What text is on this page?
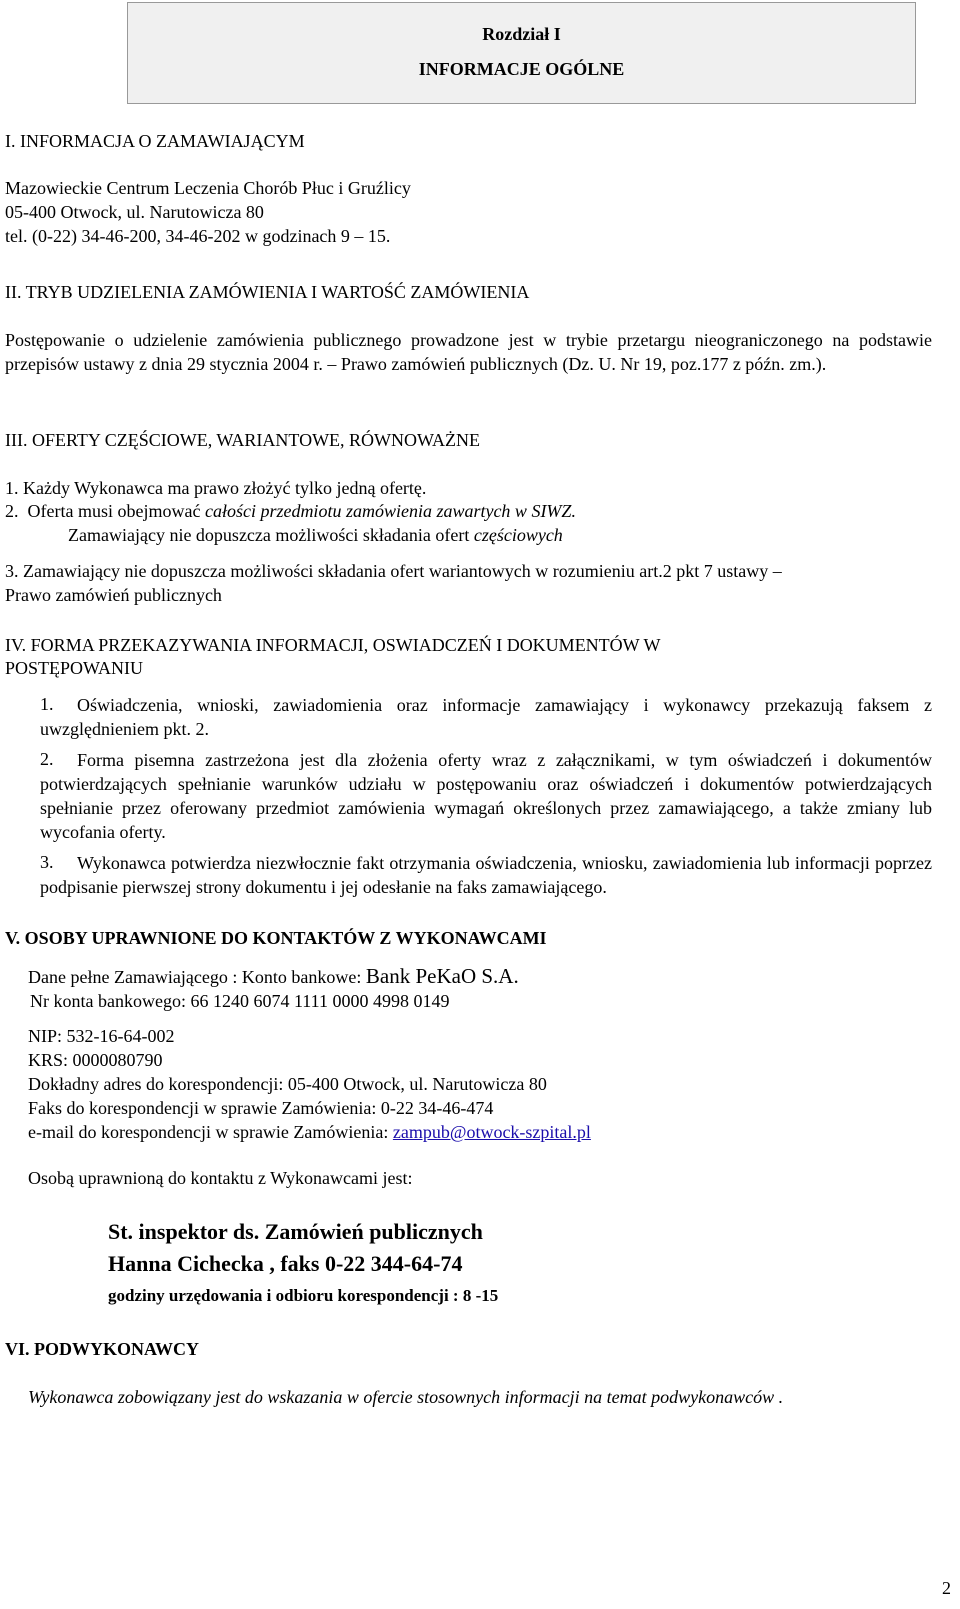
Rozdział I
INFORMACJE OGÓLNE
I. INFORMACJA O ZAMAWIAJĄCYM
Mazowieckie Centrum Leczenia Chorób Płuc i Gruźlicy
05-400 Otwock, ul. Narutowicza 80
tel. (0-22) 34-46-200, 34-46-202 w godzinach 9 – 15.
II. TRYB UDZIELENIA ZAMÓWIENIA I WARTOŚĆ ZAMÓWIENIA
Postępowanie o udzielenie zamówienia publicznego prowadzone jest w trybie przetargu nieograniczonego na podstawie przepisów ustawy z dnia 29 stycznia 2004 r. – Prawo zamówień publicznych (Dz. U. Nr 19, poz.177 z późn. zm.).
III. OFERTY CZĘŚCIOWE, WARIANTOWE, RÓWNOWAŻNE
1. Każdy Wykonawca ma prawo złożyć tylko jedną ofertę.
2. Oferta musi obejmować całości przedmiotu zamówienia zawartych w SIWZ.
Zamawiający nie dopuszcza możliwości składania ofert częściowych
3. Zamawiający nie dopuszcza możliwości składania ofert wariantowych w rozumieniu art.2 pkt 7 ustawy –
Prawo zamówień publicznych
IV. FORMA PRZEKAZYWANIA INFORMACJI, OSWIADCZEŃ I DOKUMENTÓW W
POSTĘPOWANIU
1.	Oświadczenia, wnioski, zawiadomienia oraz informacje zamawiający i wykonawcy przekazują faksem z uwzględnieniem pkt. 2.
2.	Forma pisemna zastrzeżona jest dla złożenia oferty wraz z załącznikami, w tym oświadczeń i dokumentów potwierdzających spełnianie warunków udziału w postępowaniu oraz oświadczeń i dokumentów potwierdzających spełnianie przez oferowany przedmiot zamówienia wymagań określonych przez zamawiającego, a także zmiany lub wycofania oferty.
3.	Wykonawca potwierdza niezwłocznie fakt otrzymania oświadczenia, wniosku, zawiadomienia lub informacji poprzez podpisanie pierwszej strony dokumentu i jej odesłanie na faks zamawiającego.
V. OSOBY UPRAWNIONE DO KONTAKTÓW Z WYKONAWCAMI
Dane pełne Zamawiającego : Konto bankowe: Bank PeKaO S.A.
Nr konta bankowego: 66 1240 6074 1111 0000 4998 0149
NIP: 532-16-64-002
KRS: 0000080790
Dokładny adres do korespondencji: 05-400 Otwock, ul. Narutowicza 80
Faks do korespondencji w sprawie Zamówienia: 0-22 34-46-474
e-mail do korespondencji w sprawie Zamówienia: zampub@otwock-szpital.pl
Osobą uprawnioną do kontaktu z Wykonawcami jest:
St. inspektor ds. Zamówień publicznych
Hanna Cichecka , faks 0-22 344-64-74
godziny urzędowania i odbioru korespondencji : 8 -15
VI. PODWYKONAWCY
Wykonawca zobowiązany jest do wskazania w ofercie stosownych informacji na temat podwykonawców .
2
